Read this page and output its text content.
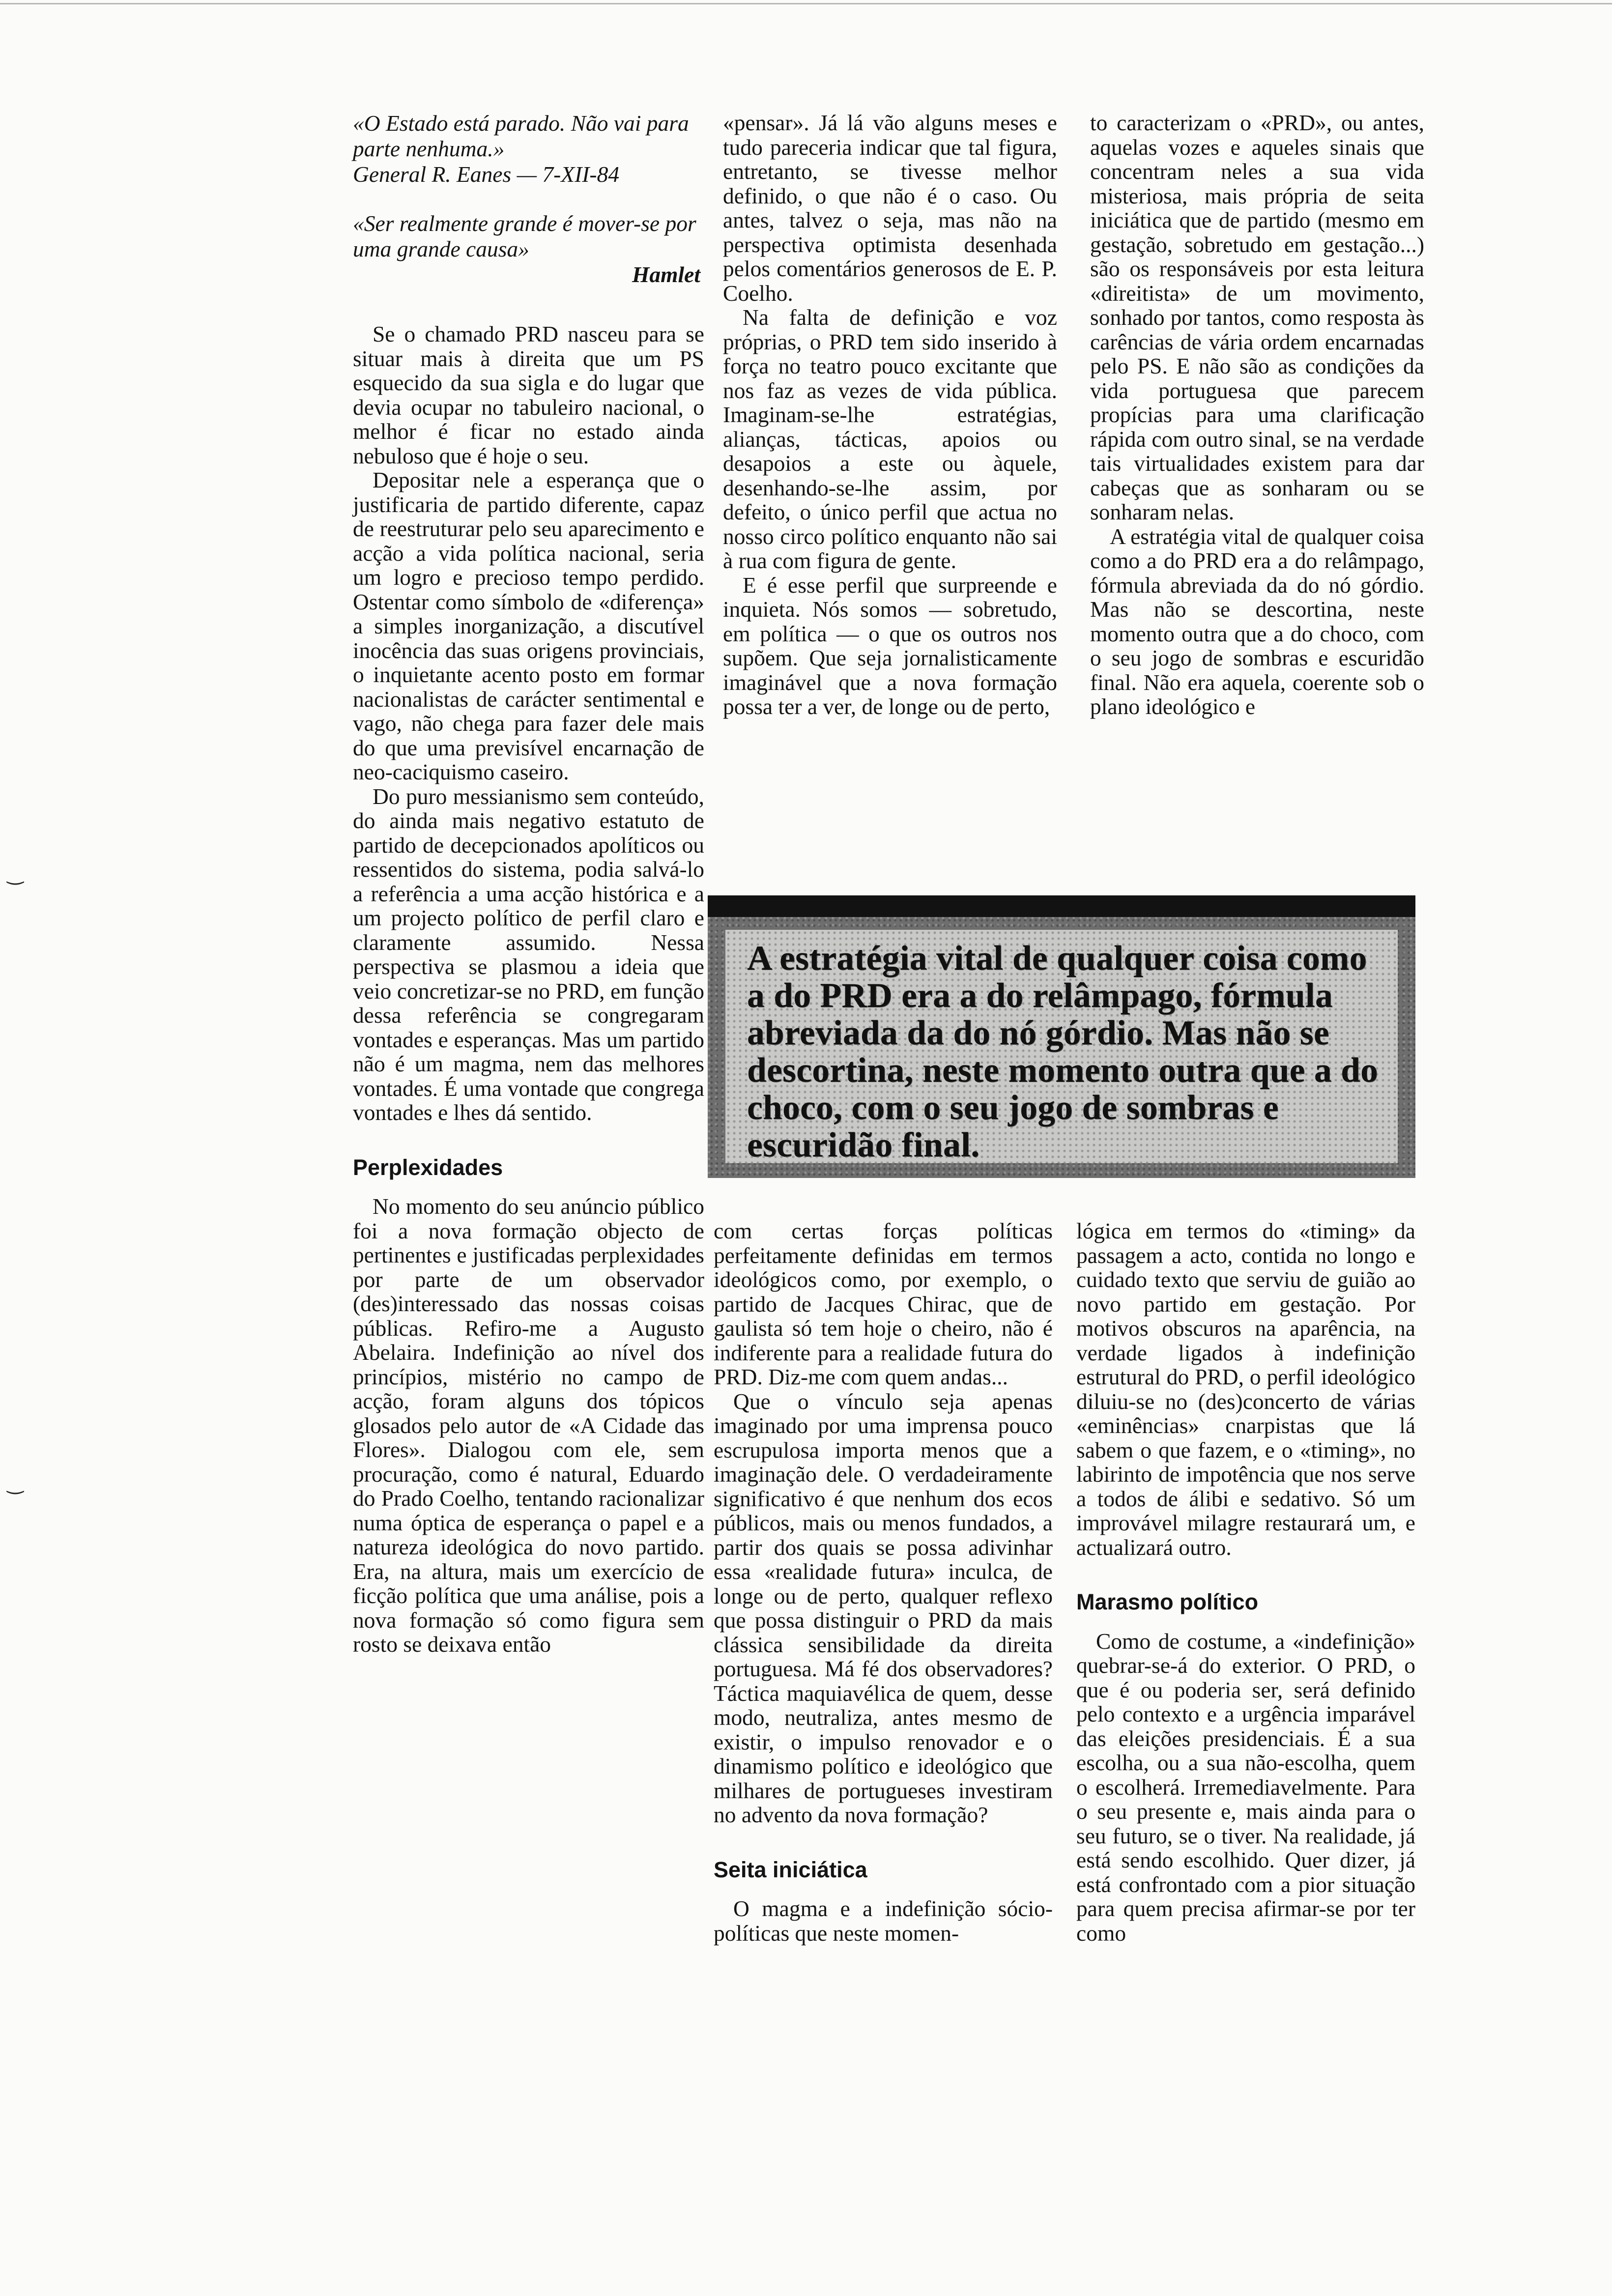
«O Estado está parado. Não vai para parte nenhuma.»

General R. Eanes — 7-XII-84

«Ser realmente grande é mover-se por uma grande causa»

Hamlet

Se o chamado PRD nasceu para se situar mais à direita que um PS esquecido da sua sigla e do lugar que devia ocupar no tabuleiro nacional, o melhor é ficar no estado ainda nebuloso que é hoje o seu.

Depositar nele a esperança que o justificaria de partido diferente, capaz de reestruturar pelo seu aparecimento e acção a vida política nacional, seria um logro e precioso tempo perdido. Ostentar como símbolo de «diferença» a simples inorganização, a discutível inocência das suas origens provinciais, o inquietante acento posto em formar nacionalistas de carácter sentimental e vago, não chega para fazer dele mais do que uma previsível encarnação de neo-caciquismo caseiro.

Do puro messianismo sem conteúdo, do ainda mais negativo estatuto de partido de decepcionados apolíticos ou ressentidos do sistema, podia salvá-lo a referência a uma acção histórica e a um projecto político de perfil claro e claramente assumido. Nessa perspectiva se plasmou a ideia que veio concretizar-se no PRD, em função dessa referência se congregaram vontades e esperanças. Mas um partido não é um magma, nem das melhores vontades. É uma vontade que congrega vontades e lhes dá sentido.

Perplexidades

No momento do seu anúncio público foi a nova formação objecto de pertinentes e justificadas perplexidades por parte de um observador (des)interessado das nossas coisas públicas. Refiro-me a Augusto Abelaira. Indefinição ao nível dos princípios, mistério no campo de acção, foram alguns dos tópicos glosados pelo autor de «A Cidade das Flores». Dialogou com ele, sem procuração, como é natural, Eduardo do Prado Coelho, tentando racionalizar numa óptica de esperança o papel e a natureza ideológica do novo partido. Era, na altura, mais um exercício de ficção política que uma análise, pois a nova formação só como figura sem rosto se deixava então

«pensar». Já lá vão alguns meses e tudo pareceria indicar que tal figura, entretanto, se tivesse melhor definido, o que não é o caso. Ou antes, talvez o seja, mas não na perspectiva optimista desenhada pelos comentários generosos de E. P. Coelho.

Na falta de definição e voz próprias, o PRD tem sido inserido à força no teatro pouco excitante que nos faz as vezes de vida pública. Imaginam-se-lhe estratégias, alianças, tácticas, apoios ou desapoios a este ou àquele, desenhando-se-lhe assim, por defeito, o único perfil que actua no nosso circo político enquanto não sai à rua com figura de gente.

E é esse perfil que surpreende e inquieta. Nós somos — sobretudo, em política — o que os outros nos supõem. Que seja jornalisticamente imaginável que a nova formação possa ter a ver, de longe ou de perto,

to caracterizam o «PRD», ou antes, aquelas vozes e aqueles sinais que concentram neles a sua vida misteriosa, mais própria de seita iniciática que de partido (mesmo em gestação, sobretudo em gestação...) são os responsáveis por esta leitura «direitista» de um movimento, sonhado por tantos, como resposta às carências de vária ordem encarnadas pelo PS. E não são as condições da vida portuguesa que parecem propícias para uma clarificação rápida com outro sinal, se na verdade tais virtualidades existem para dar cabeças que as sonharam ou se sonharam nelas.

A estratégia vital de qualquer coisa como a do PRD era a do relâmpago, fórmula abreviada da do nó górdio. Mas não se descortina, neste momento outra que a do choco, com o seu jogo de sombras e escuridão final. Não era aquela, coerente sob o plano ideológico e

A estratégia vital de qualquer coisa como a do PRD era a do relâmpago, fórmula abreviada da do nó górdio. Mas não se descortina, neste momento outra que a do choco, com o seu jogo de sombras e escuridão final.

com certas forças políticas perfeitamente definidas em termos ideológicos como, por exemplo, o partido de Jacques Chirac, que de gaulista só tem hoje o cheiro, não é indiferente para a realidade futura do PRD. Diz-me com quem andas...

Que o vínculo seja apenas imaginado por uma imprensa pouco escrupulosa importa menos que a imaginação dele. O verdadeiramente significativo é que nenhum dos ecos públicos, mais ou menos fundados, a partir dos quais se possa adivinhar essa «realidade futura» inculca, de longe ou de perto, qualquer reflexo que possa distinguir o PRD da mais clássica sensibilidade da direita portuguesa. Má fé dos observadores? Táctica maquiavélica de quem, desse modo, neutraliza, antes mesmo de existir, o impulso renovador e o dinamismo político e ideológico que milhares de portugueses investiram no advento da nova formação?

Seita iniciática

O magma e a indefinição sócio-políticas que neste momen-

lógica em termos do «timing» da passagem a acto, contida no longo e cuidado texto que serviu de guião ao novo partido em gestação. Por motivos obscuros na aparência, na verdade ligados à indefinição estrutural do PRD, o perfil ideológico diluiu-se no (des)concerto de várias «eminências» cnarpistas que lá sabem o que fazem, e o «timing», no labirinto de impotência que nos serve a todos de álibi e sedativo. Só um improvável milagre restaurará um, e actualizará outro.

Marasmo político

Como de costume, a «indefinição» quebrar-se-á do exterior. O PRD, o que é ou poderia ser, será definido pelo contexto e a urgência imparável das eleições presidenciais. É a sua escolha, ou a sua não-escolha, quem o escolherá. Irremediavelmente. Para o seu presente e, mais ainda para o seu futuro, se o tiver. Na realidade, já está sendo escolhido. Quer dizer, já está confrontado com a pior situação para quem precisa afirmar-se por ter como

‿
‿
